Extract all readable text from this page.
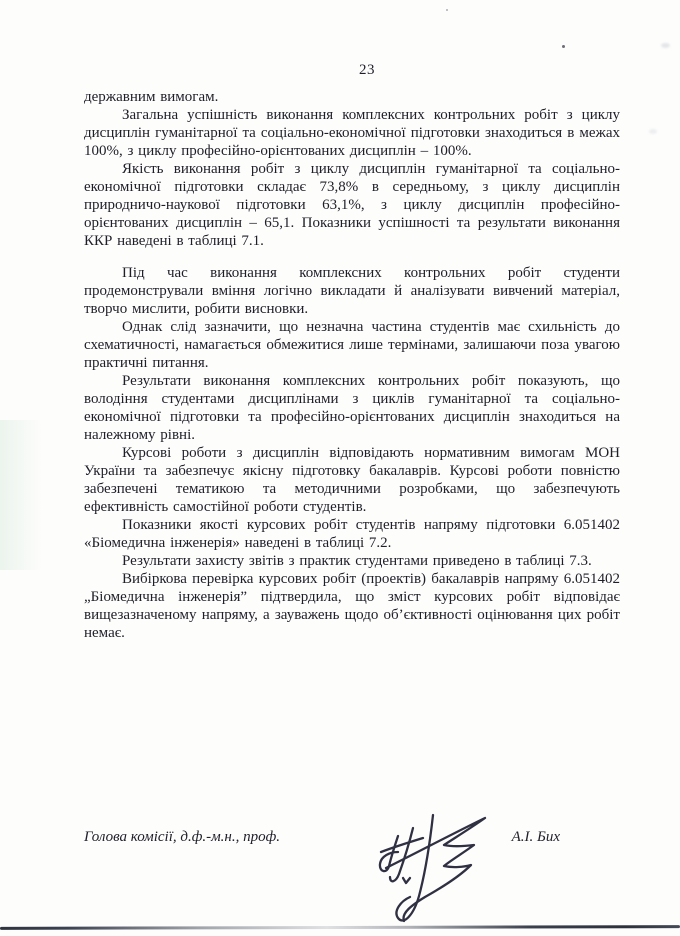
23

державним вимогам.

Загальна успішність виконання комплексних контрольних робіт з циклу дисциплін гуманітарної та соціально-економічної підготовки знаходиться в межах 100%, з циклу професійно-орієнтованих дисциплін – 100%.

Якість виконання робіт з циклу дисциплін гуманітарної та соціально-економічної підготовки складає 73,8% в середньому, з циклу дисциплін природничо-наукової підготовки 63,1%, з циклу дисциплін професійно-орієнтованих дисциплін – 65,1. Показники успішності та результати виконання ККР наведені в таблиці 7.1.

Під час виконання комплексних контрольних робіт студенти продемонстрували вміння логічно викладати й аналізувати вивчений матеріал, творчо мислити, робити висновки.

Однак слід зазначити, що незначна частина студентів має схильність до схематичності, намагається обмежитися лише термінами, залишаючи поза увагою практичні питання.

Результати виконання комплексних контрольних робіт показують, що володіння студентами дисциплінами з циклів гуманітарної та соціально-економічної підготовки та професійно-орієнтованих дисциплін знаходиться на належному рівні.

Курсові роботи з дисциплін відповідають нормативним вимогам МОН України та забезпечує якісну підготовку бакалаврів. Курсові роботи повністю забезпечені тематикою та методичними розробками, що забезпечують ефективність самостійної роботи студентів.

Показники якості курсових робіт студентів напряму підготовки 6.051402 «Біомедична інженерія» наведені в таблиці 7.2.

Результати захисту звітів з практик студентами приведено в таблиці 7.3.

Вибіркова перевірка курсових робіт (проектів) бакалаврів напряму 6.051402 „Біомедична інженерія” підтвердила, що зміст курсових робіт відповідає вищезазначеному напряму, а зауважень щодо об’єктивності оцінювання цих робіт немає.

Голова комісії, д.ф.-м.н., проф.	А.І. Бих
